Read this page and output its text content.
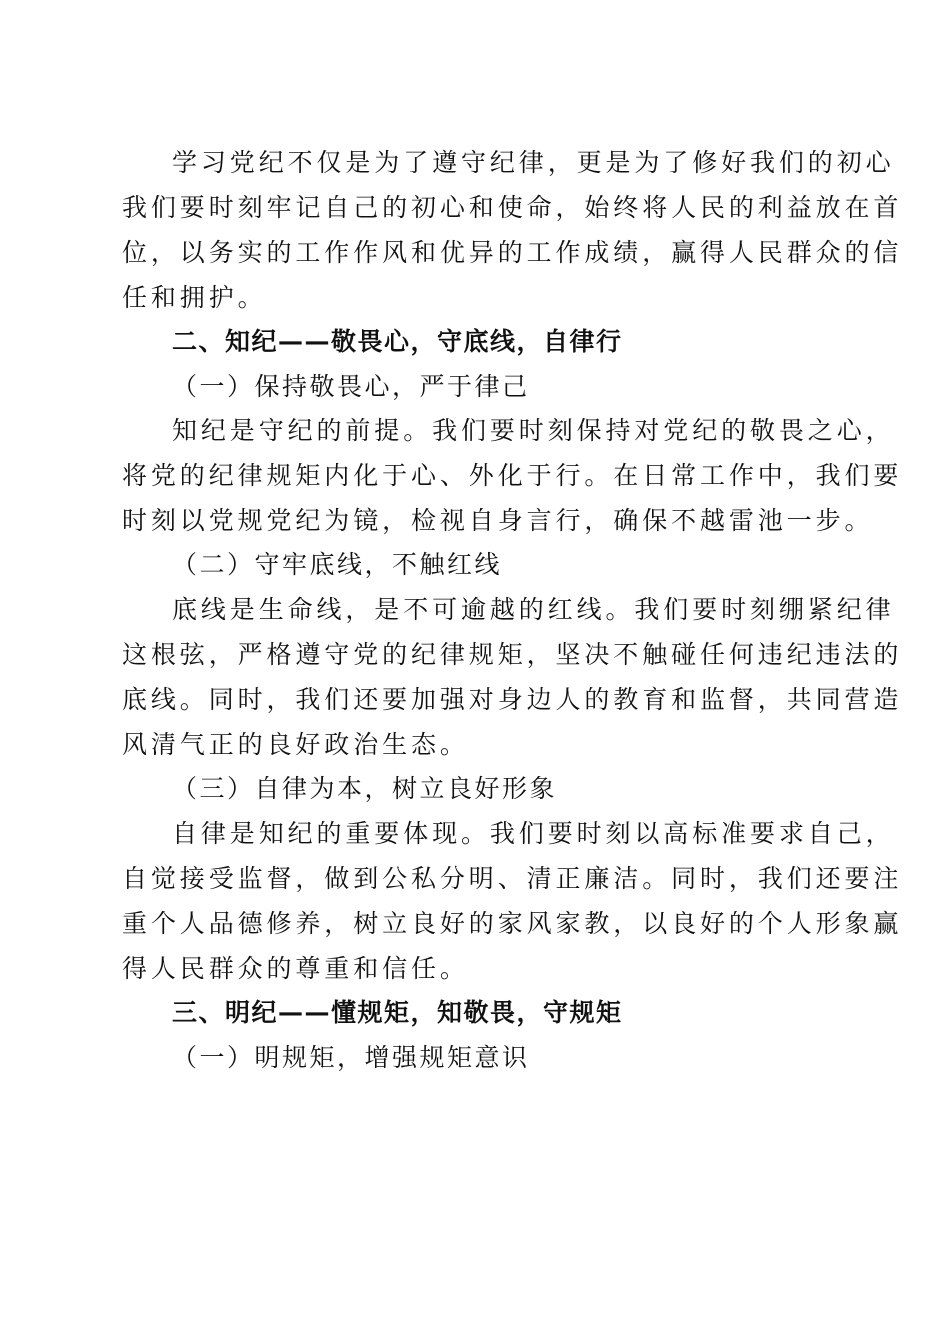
学习党纪不仅是为了遵守纪律，更是为了修好我们的初心
我们要时刻牢记自己的初心和使命，始终将人民的利益放在首
位，以务实的工作作风和优异的工作成绩，赢得人民群众的信
任和拥护。
二、知纪——敬畏心，守底线，自律行
（一）保持敬畏心，严于律己
知纪是守纪的前提。我们要时刻保持对党纪的敬畏之心，
将党的纪律规矩内化于心、外化于行。在日常工作中，我们要
时刻以党规党纪为镜，检视自身言行，确保不越雷池一步。
（二）守牢底线，不触红线
底线是生命线，是不可逾越的红线。我们要时刻绷紧纪律
这根弦，严格遵守党的纪律规矩，坚决不触碰任何违纪违法的
底线。同时，我们还要加强对身边人的教育和监督，共同营造
风清气正的良好政治生态。
（三）自律为本，树立良好形象
自律是知纪的重要体现。我们要时刻以高标准要求自己，
自觉接受监督，做到公私分明、清正廉洁。同时，我们还要注
重个人品德修养，树立良好的家风家教，以良好的个人形象赢
得人民群众的尊重和信任。
三、明纪——懂规矩，知敬畏，守规矩
（一）明规矩，增强规矩意识
